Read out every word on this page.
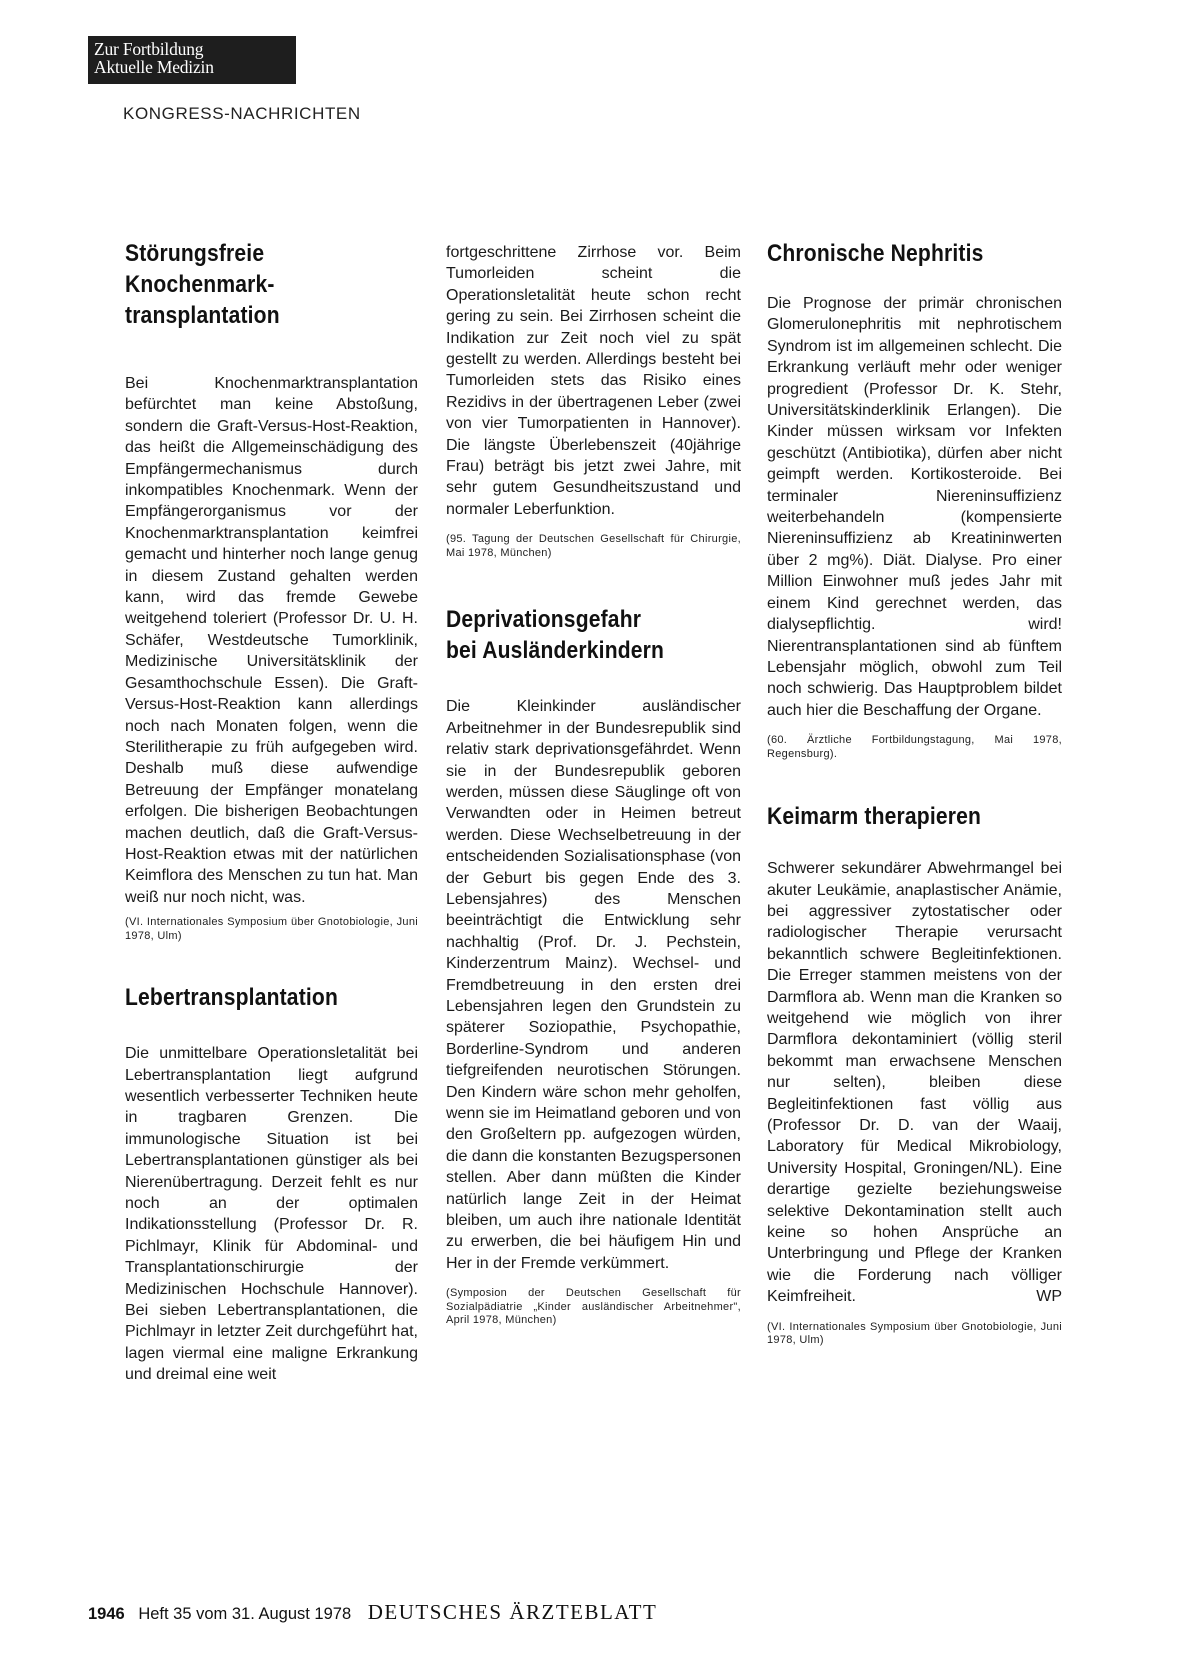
Zur Fortbildung
Aktuelle Medizin
KONGRESS-NACHRICHTEN
Störungsfreie
Knochenmark-
transplantation

Bei Knochenmarktransplantation befürchtet man keine Abstoßung, sondern die Graft-Versus-Host-Reaktion, das heißt die Allgemeinschädigung des Empfängermechanismus durch inkompatibles Knochenmark. Wenn der Empfängerorganismus vor der Knochenmarktransplantation keimfrei gemacht und hinterher noch lange genug in diesem Zustand gehalten werden kann, wird das fremde Gewebe weitgehend toleriert (Professor Dr. U. H. Schäfer, Westdeutsche Tumorklinik, Medizinische Universitätsklinik der Gesamthochschule Essen). Die Graft-Versus-Host-Reaktion kann allerdings noch nach Monaten folgen, wenn die Sterilitherapie zu früh aufgegeben wird. Deshalb muß diese aufwendige Betreuung der Empfänger monatelang erfolgen. Die bisherigen Beobachtungen machen deutlich, daß die Graft-Versus-Host-Reaktion etwas mit der natürlichen Keimflora des Menschen zu tun hat. Man weiß nur noch nicht, was.

(VI. Internationales Symposium über Gnotobiologie, Juni 1978, Ulm)

Lebertransplantation

Die unmittelbare Operationsletalität bei Lebertransplantation liegt aufgrund wesentlich verbesserter Techniken heute in tragbaren Grenzen. Die immunologische Situation ist bei Lebertransplantationen günstiger als bei Nierenübertragung. Derzeit fehlt es nur noch an der optimalen Indikationsstellung (Professor Dr. R. Pichlmayr, Klinik für Abdominal- und Transplantationschirurgie der Medizinischen Hochschule Hannover). Bei sieben Lebertransplantationen, die Pichlmayr in letzter Zeit durchgeführt hat, lagen viermal eine maligne Erkrankung und dreimal eine weit

fortgeschrittene Zirrhose vor. Beim Tumorleiden scheint die Operationsletalität heute schon recht gering zu sein. Bei Zirrhosen scheint die Indikation zur Zeit noch viel zu spät gestellt zu werden. Allerdings besteht bei Tumorleiden stets das Risiko eines Rezidivs in der übertragenen Leber (zwei von vier Tumorpatienten in Hannover). Die längste Überlebenszeit (40jährige Frau) beträgt bis jetzt zwei Jahre, mit sehr gutem Gesundheitszustand und normaler Leberfunktion.

(95. Tagung der Deutschen Gesellschaft für Chirurgie, Mai 1978, München)

Deprivationsgefahr
bei Ausländerkindern

Die Kleinkinder ausländischer Arbeitnehmer in der Bundesrepublik sind relativ stark deprivationsgefährdet. Wenn sie in der Bundesrepublik geboren werden, müssen diese Säuglinge oft von Verwandten oder in Heimen betreut werden. Diese Wechselbetreuung in der entscheidenden Sozialisationsphase (von der Geburt bis gegen Ende des 3. Lebensjahres) des Menschen beeinträchtigt die Entwicklung sehr nachhaltig (Prof. Dr. J. Pechstein, Kinderzentrum Mainz). Wechsel- und Fremdbetreuung in den ersten drei Lebensjahren legen den Grundstein zu späterer Soziopathie, Psychopathie, Borderline-Syndrom und anderen tiefgreifenden neurotischen Störungen. Den Kindern wäre schon mehr geholfen, wenn sie im Heimatland geboren und von den Großeltern pp. aufgezogen würden, die dann die konstanten Bezugspersonen stellen. Aber dann müßten die Kinder natürlich lange Zeit in der Heimat bleiben, um auch ihre nationale Identität zu erwerben, die bei häufigem Hin und Her in der Fremde verkümmert.

(Symposion der Deutschen Gesellschaft für Sozialpädiatrie „Kinder ausländischer Arbeitnehmer", April 1978, München)

Chronische Nephritis

Die Prognose der primär chronischen Glomerulonephritis mit nephrotischem Syndrom ist im allgemeinen schlecht. Die Erkrankung verläuft mehr oder weniger progredient (Professor Dr. K. Stehr, Universitätskinderklinik Erlangen). Die Kinder müssen wirksam vor Infekten geschützt (Antibiotika), dürfen aber nicht geimpft werden. Kortikosteroide. Bei terminaler Niereninsuffizienz weiterbehandeln (kompensierte Niereninsuffizienz ab Kreatininwerten über 2 mg%). Diät. Dialyse. Pro einer Million Einwohner muß jedes Jahr mit einem Kind gerechnet werden, das dialysepflichtig. wird! Nierentransplantationen sind ab fünftem Lebensjahr möglich, obwohl zum Teil noch schwierig. Das Hauptproblem bildet auch hier die Beschaffung der Organe.

(60. Ärztliche Fortbildungstagung, Mai 1978, Regensburg).

Keimarm therapieren

Schwerer sekundärer Abwehrmangel bei akuter Leukämie, anaplastischer Anämie, bei aggressiver zytostatischer oder radiologischer Therapie verursacht bekanntlich schwere Begleitinfektionen. Die Erreger stammen meistens von der Darmflora ab. Wenn man die Kranken so weitgehend wie möglich von ihrer Darmflora dekontaminiert (völlig steril bekommt man erwachsene Menschen nur selten), bleiben diese Begleitinfektionen fast völlig aus (Professor Dr. D. van der Waaij, Laboratory für Medical Mikrobiology, University Hospital, Groningen/NL). Eine derartige gezielte beziehungsweise selektive Dekontamination stellt auch keine so hohen Ansprüche an Unterbringung und Pflege der Kranken wie die Forderung nach völliger Keimfreiheit.	WP

(VI. Internationales Symposium über Gnotobiologie, Juni 1978, Ulm)

1946 Heft 35 vom 31. August 1978 DEUTSCHES ÄRZTEBLATT
